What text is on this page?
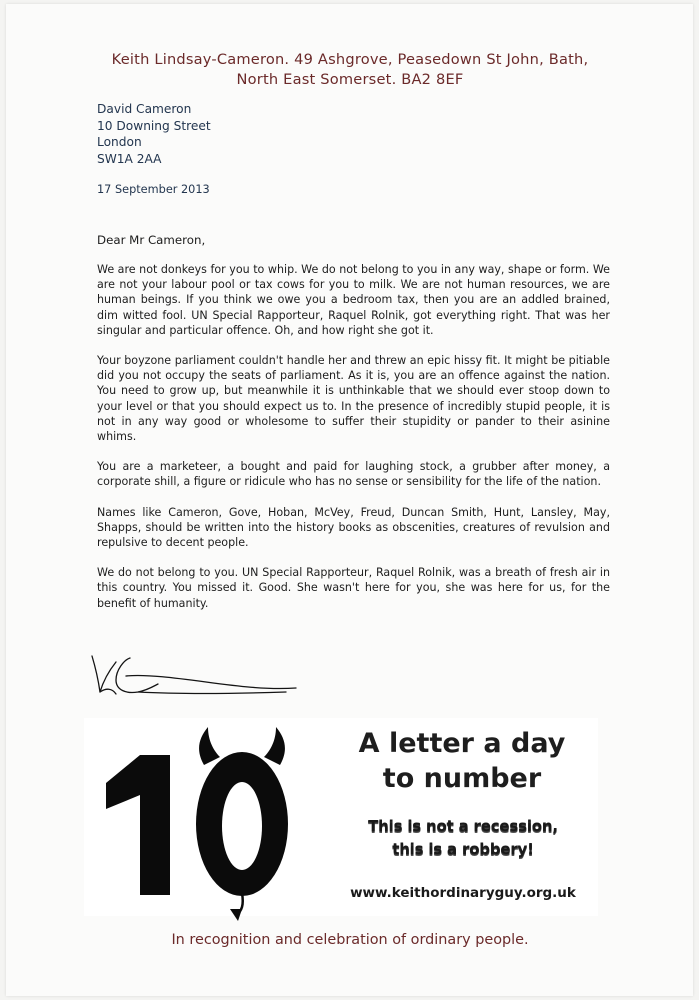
Keith Lindsay-Cameron. 49 Ashgrove, Peasedown St John, Bath,
North East Somerset. BA2 8EF
David Cameron
10 Downing Street
London
SW1A 2AA
17 September 2013
Dear Mr Cameron,

We are not donkeys for you to whip. We do not belong to you in any way, shape or form. We are not your labour pool or tax cows for you to milk. We are not human resources, we are human beings. If you think we owe you a bedroom tax, then you are an addled brained, dim witted fool. UN Special Rapporteur, Raquel Rolnik, got everything right. That was her singular and particular offence. Oh, and how right she got it.

Your boyzone parliament couldn't handle her and threw an epic hissy fit. It might be pitiable did you not occupy the seats of parliament. As it is, you are an offence against the nation. You need to grow up, but meanwhile it is unthinkable that we should ever stoop down to your level or that you should expect us to. In the presence of incredibly stupid people, it is not in any way good or wholesome to suffer their stupidity or pander to their asinine whims.

You are a marketeer, a bought and paid for laughing stock, a grubber after money, a corporate shill, a figure or ridicule who has no sense or sensibility for the life of the nation.

Names like Cameron, Gove, Hoban, McVey, Freud, Duncan Smith, Hunt, Lansley, May, Shapps, should be written into the history books as obscenities, creatures of revulsion and repulsive to decent people.

We do not belong to you. UN Special Rapporteur, Raquel Rolnik, was a breath of fresh air in this country. You missed it. Good. She wasn't here for you, she was here for us, for the benefit of humanity.

A letter a day
to number
This is not a recession,
this is a robbery!
www.keithordinaryguy.org.uk
In recognition and celebration of ordinary people.
